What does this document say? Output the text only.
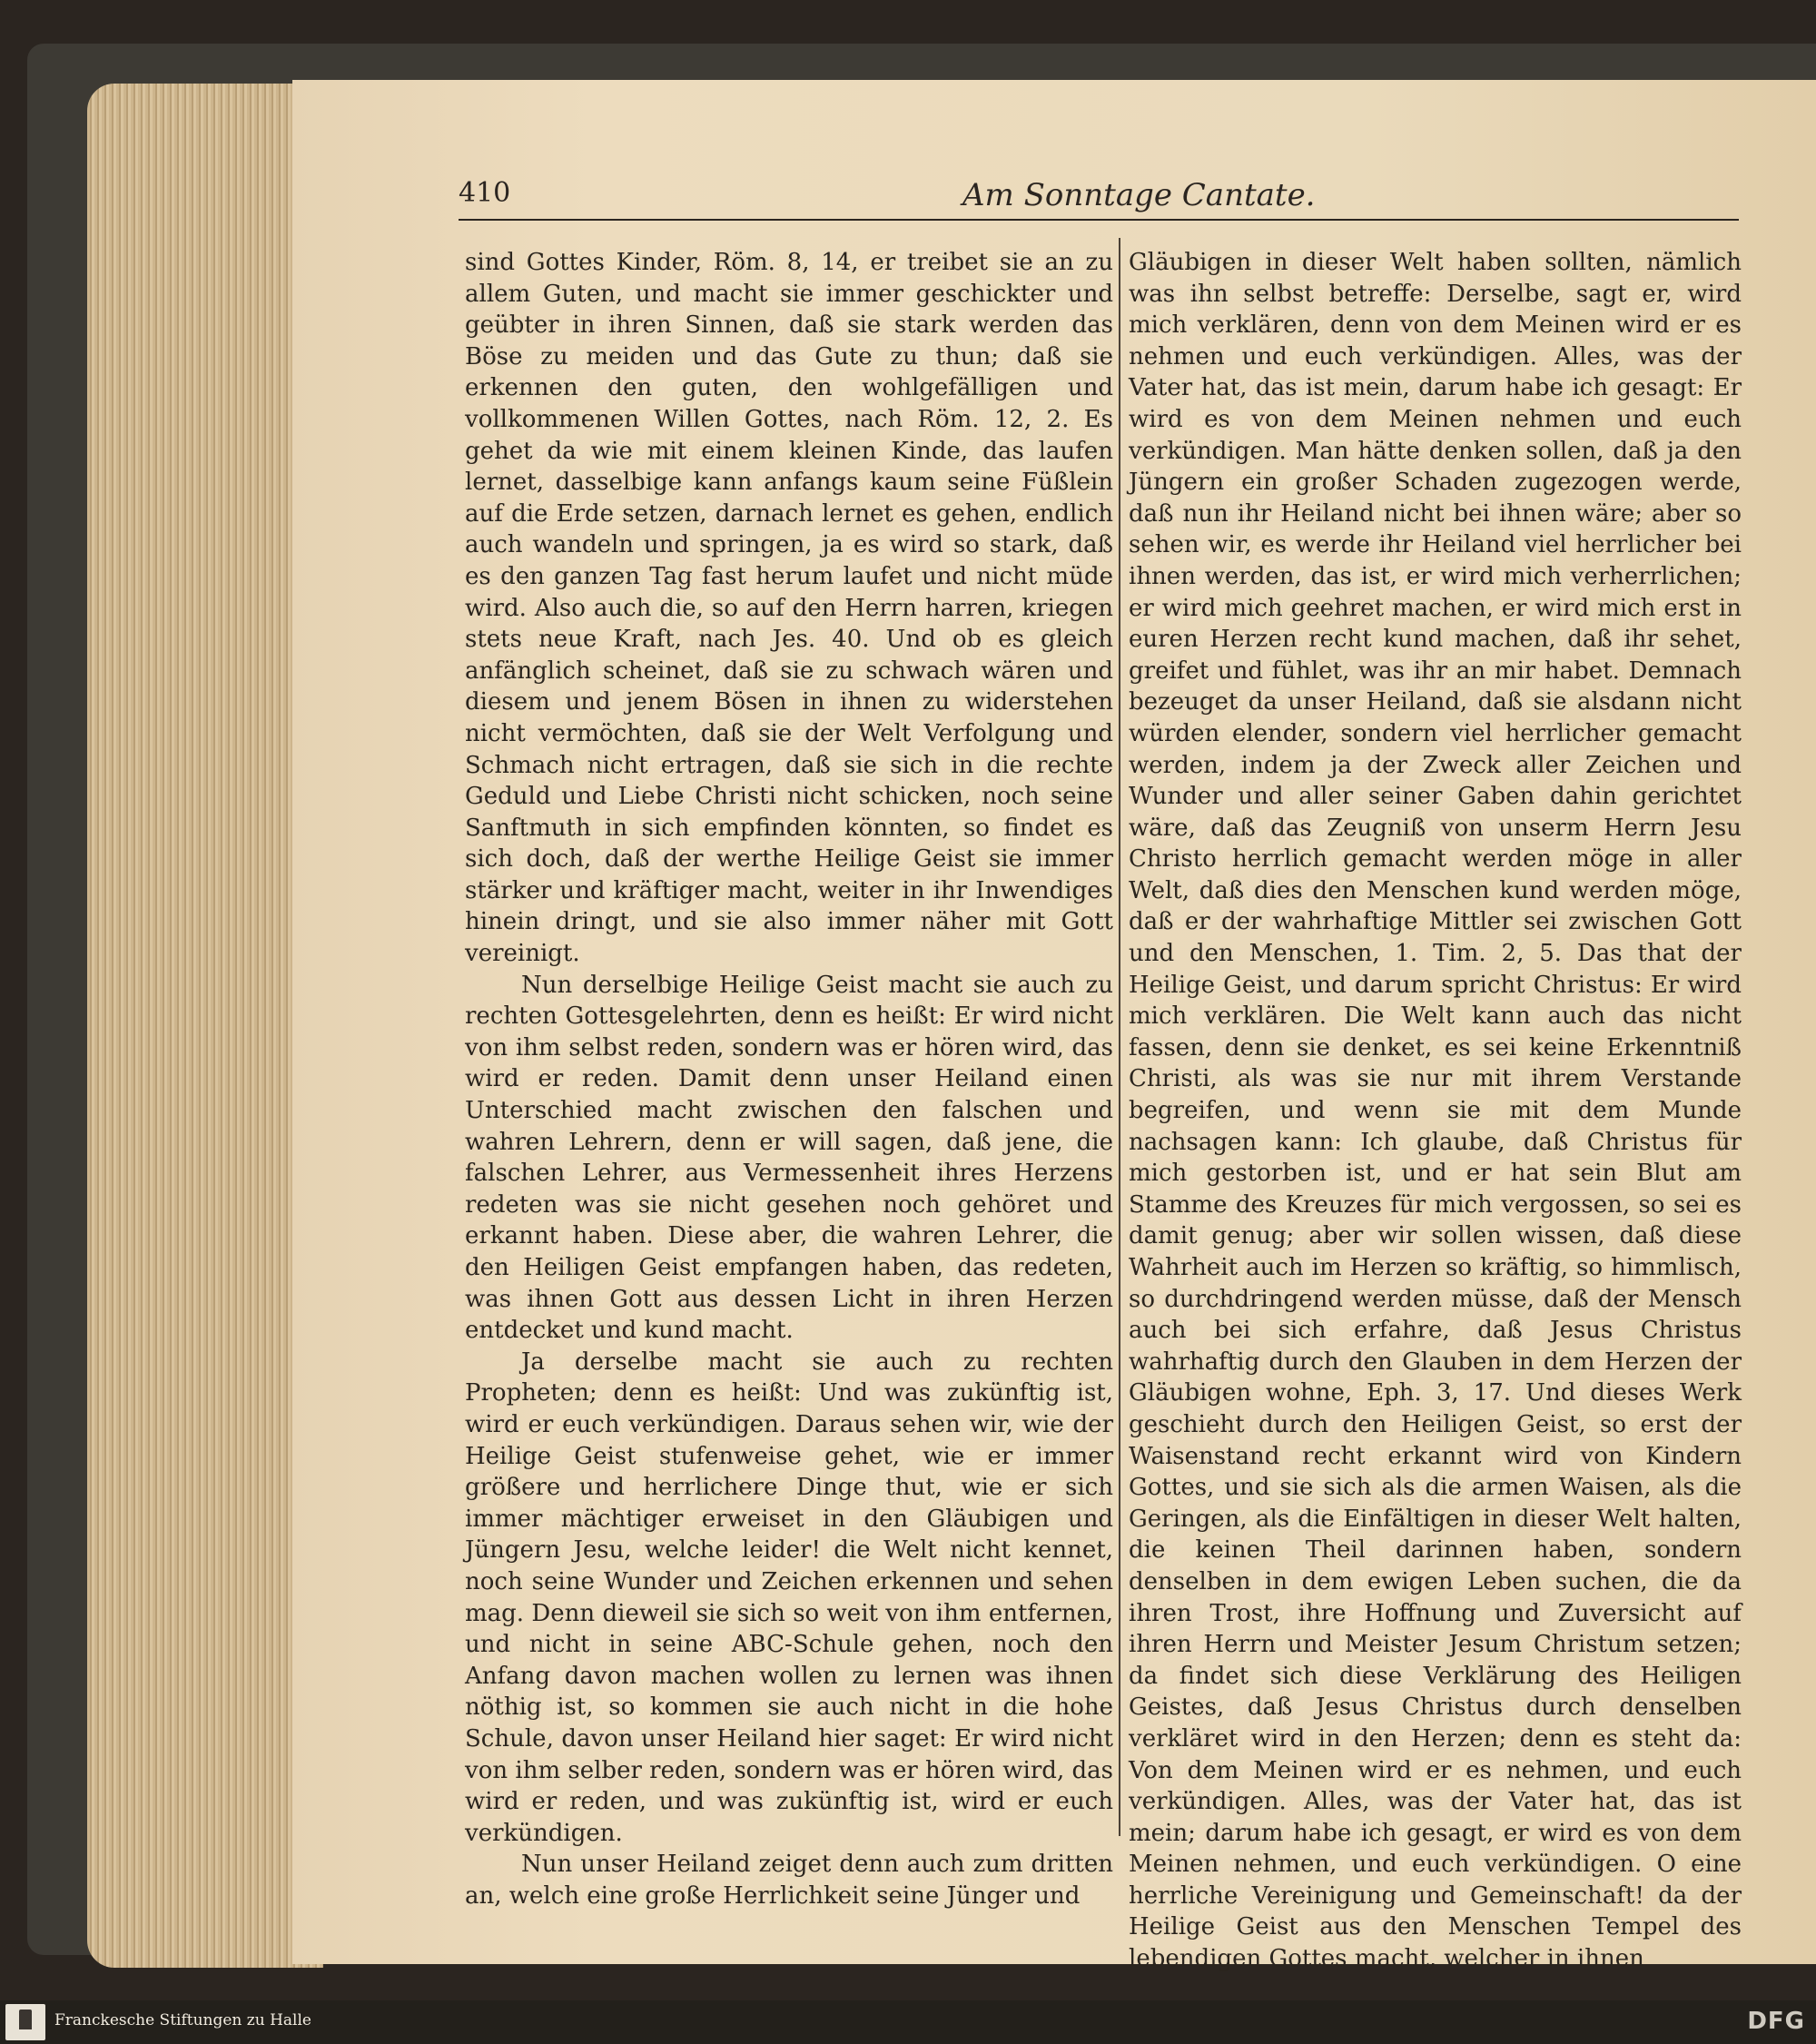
410	Am Sonntage Cantate.

sind Gottes Kinder, Röm. 8, 14, er treibet sie an zu allem Guten, und macht sie immer geschickter und geübter in ihren Sinnen, daß sie stark werden das Böse zu meiden und das Gute zu thun; daß sie erkennen den guten, den wohlgefälligen und vollkommenen Willen Gottes, nach Röm. 12, 2. Es gehet da wie mit einem kleinen Kinde, das laufen lernet, dasselbige kann anfangs kaum seine Füßlein auf die Erde setzen, darnach lernet es gehen, endlich auch wandeln und springen, ja es wird so stark, daß es den ganzen Tag fast herum laufet und nicht müde wird. Also auch die, so auf den Herrn harren, kriegen stets neue Kraft, nach Jes. 40. Und ob es gleich anfänglich scheinet, daß sie zu schwach wären und diesem und jenem Bösen in ihnen zu widerstehen nicht vermöchten, daß sie der Welt Verfolgung und Schmach nicht ertragen, daß sie sich in die rechte Geduld und Liebe Christi nicht schicken, noch seine Sanftmuth in sich empfinden könnten, so findet es sich doch, daß der werthe Heilige Geist sie immer stärker und kräftiger macht, weiter in ihr Inwendiges hinein dringt, und sie also immer näher mit Gott vereinigt.

Nun derselbige Heilige Geist macht sie auch zu rechten Gottesgelehrten, denn es heißt: Er wird nicht von ihm selbst reden, sondern was er hören wird, das wird er reden. Damit denn unser Heiland einen Unterschied macht zwischen den falschen und wahren Lehrern, denn er will sagen, daß jene, die falschen Lehrer, aus Vermessenheit ihres Herzens redeten was sie nicht gesehen noch gehöret und erkannt haben. Diese aber, die wahren Lehrer, die den Heiligen Geist empfangen haben, das redeten, was ihnen Gott aus dessen Licht in ihren Herzen entdecket und kund macht.

Ja derselbe macht sie auch zu rechten Propheten; denn es heißt: Und was zukünftig ist, wird er euch verkündigen. Daraus sehen wir, wie der Heilige Geist stufenweise gehet, wie er immer größere und herrlichere Dinge thut, wie er sich immer mächtiger erweiset in den Gläubigen und Jüngern Jesu, welche leider! die Welt nicht kennet, noch seine Wunder und Zeichen erkennen und sehen mag. Denn dieweil sie sich so weit von ihm entfernen, und nicht in seine ABC-Schule gehen, noch den Anfang davon machen wollen zu lernen was ihnen nöthig ist, so kommen sie auch nicht in die hohe Schule, davon unser Heiland hier saget: Er wird nicht von ihm selber reden, sondern was er hören wird, das wird er reden, und was zukünftig ist, wird er euch verkündigen.

Nun unser Heiland zeiget denn auch zum dritten an, welch eine große Herrlichkeit seine Jünger und

Gläubigen in dieser Welt haben sollten, nämlich was ihn selbst betreffe: Derselbe, sagt er, wird mich verklären, denn von dem Meinen wird er es nehmen und euch verkündigen. Alles, was der Vater hat, das ist mein, darum habe ich gesagt: Er wird es von dem Meinen nehmen und euch verkündigen. Man hätte denken sollen, daß ja den Jüngern ein großer Schaden zugezogen werde, daß nun ihr Heiland nicht bei ihnen wäre; aber so sehen wir, es werde ihr Heiland viel herrlicher bei ihnen werden, das ist, er wird mich verherrlichen; er wird mich geehret machen, er wird mich erst in euren Herzen recht kund machen, daß ihr sehet, greifet und fühlet, was ihr an mir habet. Demnach bezeuget da unser Heiland, daß sie alsdann nicht würden elender, sondern viel herrlicher gemacht werden, indem ja der Zweck aller Zeichen und Wunder und aller seiner Gaben dahin gerichtet wäre, daß das Zeugniß von unserm Herrn Jesu Christo herrlich gemacht werden möge in aller Welt, daß dies den Menschen kund werden möge, daß er der wahrhaftige Mittler sei zwischen Gott und den Menschen, 1. Tim. 2, 5. Das that der Heilige Geist, und darum spricht Christus: Er wird mich verklären. Die Welt kann auch das nicht fassen, denn sie denket, es sei keine Erkenntniß Christi, als was sie nur mit ihrem Verstande begreifen, und wenn sie mit dem Munde nachsagen kann: Ich glaube, daß Christus für mich gestorben ist, und er hat sein Blut am Stamme des Kreuzes für mich vergossen, so sei es damit genug; aber wir sollen wissen, daß diese Wahrheit auch im Herzen so kräftig, so himmlisch, so durchdringend werden müsse, daß der Mensch auch bei sich erfahre, daß Jesus Christus wahrhaftig durch den Glauben in dem Herzen der Gläubigen wohne, Eph. 3, 17. Und dieses Werk geschieht durch den Heiligen Geist, so erst der Waisenstand recht erkannt wird von Kindern Gottes, und sie sich als die armen Waisen, als die Geringen, als die Einfältigen in dieser Welt halten, die keinen Theil darinnen haben, sondern denselben in dem ewigen Leben suchen, die da ihren Trost, ihre Hoffnung und Zuversicht auf ihren Herrn und Meister Jesum Christum setzen; da findet sich diese Verklärung des Heiligen Geistes, daß Jesus Christus durch denselben verkläret wird in den Herzen; denn es steht da: Von dem Meinen wird er es nehmen, und euch verkündigen. Alles, was der Vater hat, das ist mein; darum habe ich gesagt, er wird es von dem Meinen nehmen, und euch verkündigen. O eine herrliche Vereinigung und Gemeinschaft! da der Heilige Geist aus den Menschen Tempel des lebendigen Gottes macht, welcher in ihnen

Franckesche Stiftungen zu Halle	DFG
